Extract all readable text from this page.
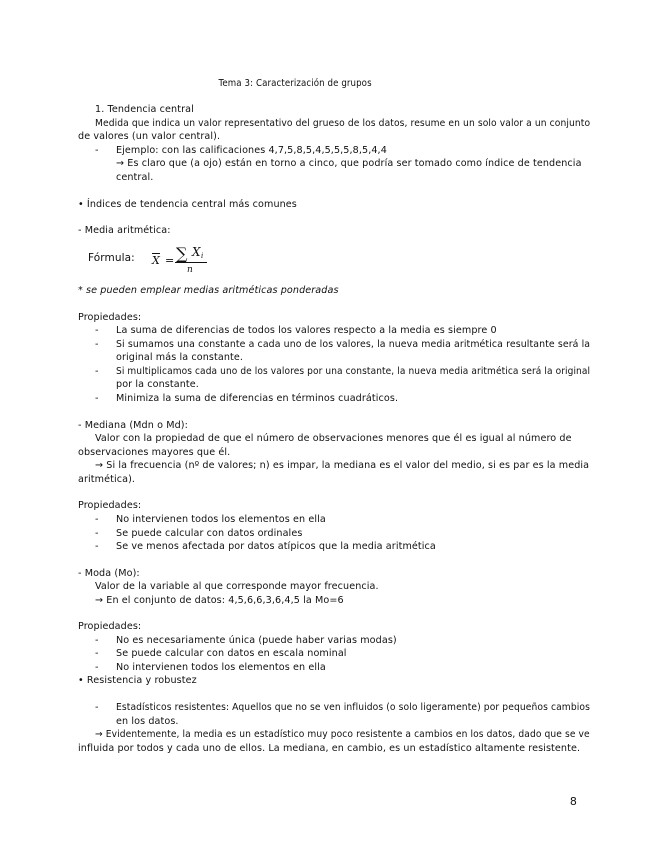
Tema 3: Caracterización de grupos
1. Tendencia central
Medida que indica un valor representativo del grueso de los datos, resume en un solo valor a un conjunto
de valores (un valor central).
- Ejemplo: con las calificaciones 4,7,5,8,5,4,5,5,5,8,5,4,4
→ Es claro que (a ojo) están en torno a cinco, que podría ser tomado como índice de tendencia
central.
• Índices de tendencia central más comunes
- Media aritmética:
Fórmula: $\overline{X}$ = ∑ X i
n
* se pueden emplear medias aritméticas ponderadas
Propiedades:
- La suma de diferencias de todos los valores respecto a la media es siempre 0
- Si sumamos una constante a cada uno de los valores, la nueva media aritmética resultante será la
original más la constante.
- Si multiplicamos cada uno de los valores por una constante, la nueva media aritmética será la original
por la constante.
- Minimiza la suma de diferencias en términos cuadráticos.
- Mediana (Mdn o Md):
Valor con la propiedad de que el número de observaciones menores que él es igual al número de
observaciones mayores que él.
→ Si la frecuencia (nº de valores; n) es impar, la mediana es el valor del medio, si es par es la media
aritmética).
Propiedades:
- No intervienen todos los elementos en ella
- Se puede calcular con datos ordinales
- Se ve menos afectada por datos atípicos que la media aritmética
- Moda (Mo):
Valor de la variable al que corresponde mayor frecuencia.
→ En el conjunto de datos: 4,5,6,6,3,6,4,5 la Mo=6
Propiedades:
- No es necesariamente única (puede haber varias modas)
- Se puede calcular con datos en escala nominal
- No intervienen todos los elementos en ella
• Resistencia y robustez
- Estadísticos resistentes: Aquellos que no se ven influidos (o solo ligeramente) por pequeños cambios
en los datos.
→ Evidentemente, la media es un estadístico muy poco resistente a cambios en los datos, dado que se ve
influida por todos y cada uno de ellos. La mediana, en cambio, es un estadístico altamente resistente.
8
